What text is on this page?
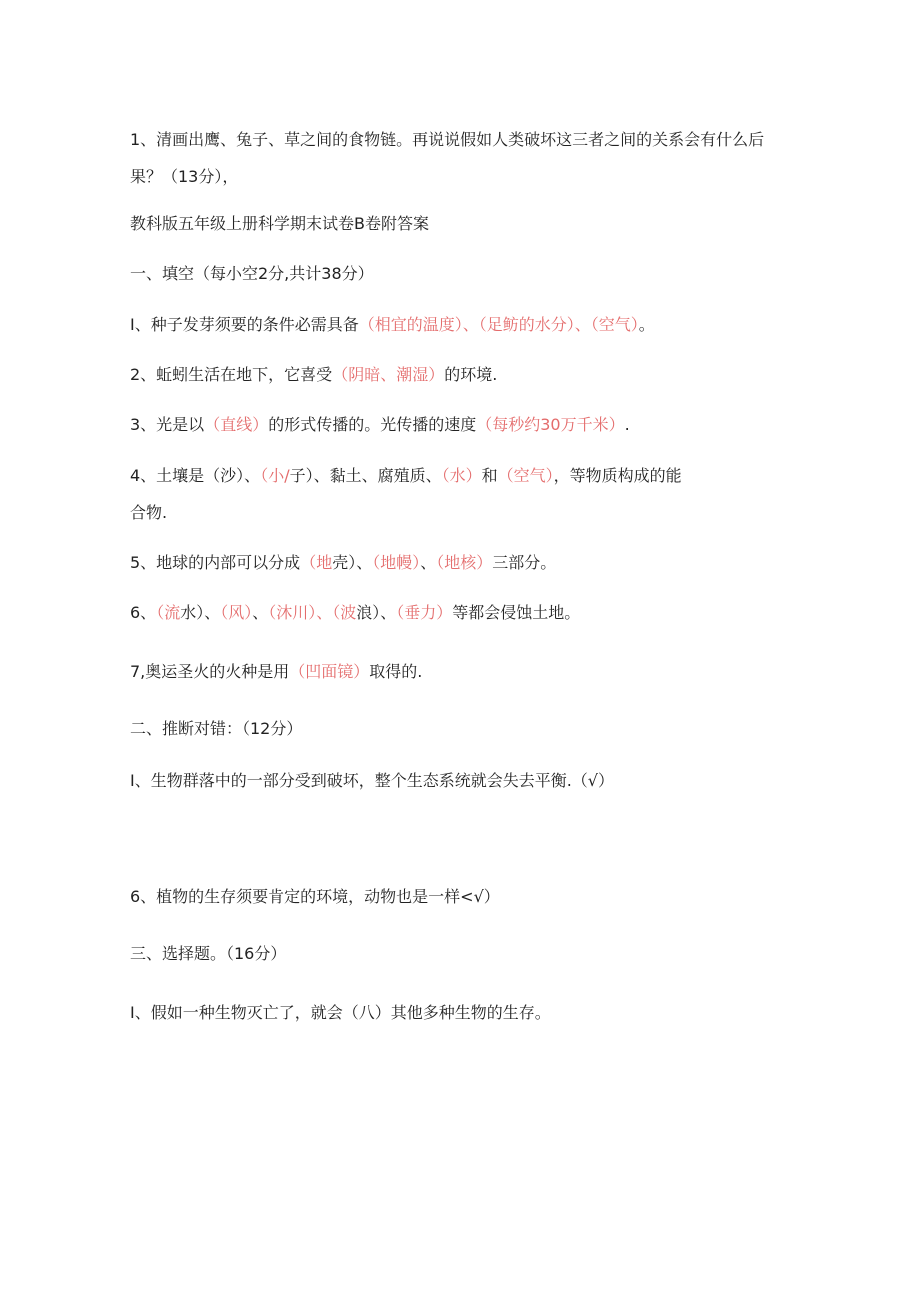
1、清画出鹰、兔子、草之间的食物链。再说说假如人类破坏这三者之间的关系会有什么后果？（13分），
教科版五年级上册科学期末试卷B卷附答案
一、填空（每小空2分,共计38分）
I、种子发芽须要的条件必需具备（相宜的温度）、（足鲂的水分）、（空气）。
2、蚯蚓生活在地下，它喜受（阴暗、潮湿）的环境.
3、光是以（直线）的形式传播的。光传播的速度（每秒约30万千米）.
4、土壤是（沙）、（小/子）、黏土、腐殖质、（水）和（空气），等物质构成的能
合物.
5、地球的内部可以分成（地壳）、（地幔）、（地核）三部分。
6、（流水）、（风）、（沐川）、（波浪）、（垂力）等都会侵蚀土地。
7,奥运圣火的火种是用（凹面镜）取得的.
二、推断对错：（12分）
I、生物群落中的一部分受到破坏，整个生态系统就会失去平衡.（√）
6、植物的生存须要肯定的环境，动物也是一样<√）
三、选择题。（16分）
I、假如一种生物灭亡了，就会（八）其他多种生物的生存。
